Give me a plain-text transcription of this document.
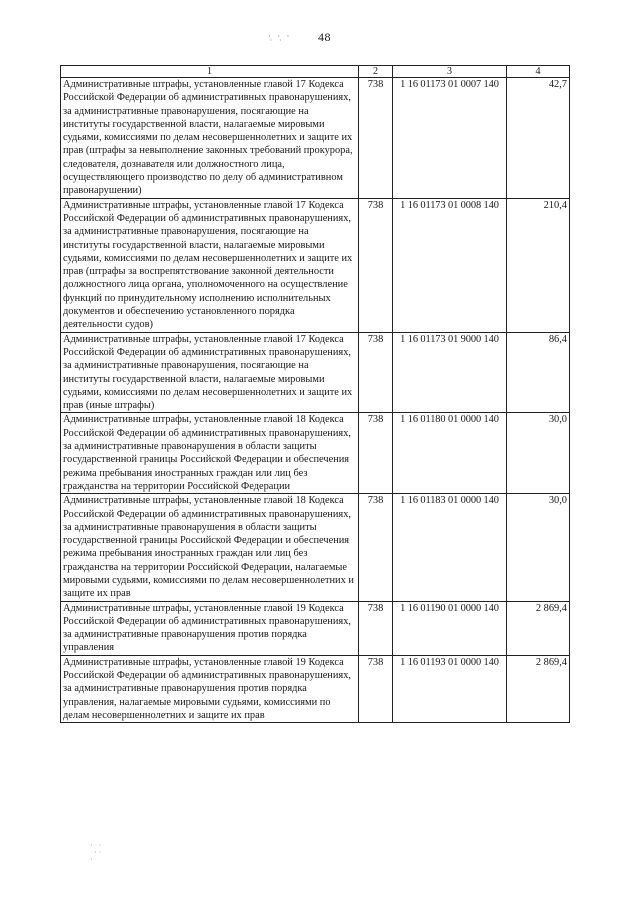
·̣ ·̣ · 48
1	2	3	4
Административные штрафы, установленные главой 17 Кодекса Российской Федерации об административных правонарушениях, за административные правонарушения, посягающие на институты государственной власти, налагаемые мировыми судьями, комиссиями по делам несовершеннолетних и защите их прав (штрафы за невыполнение законных требований прокурора, следователя, дознавателя или должностного лица, осуществляющего производство по делу об административном правонарушении)	738	1 16 01173 01 0007 140	42,7
Административные штрафы, установленные главой 17 Кодекса Российской Федерации об административных правонарушениях, за административные правонарушения, посягающие на институты государственной власти, налагаемые мировыми судьями, комиссиями по делам несовершеннолетних и защите их прав (штрафы за воспрепятствование законной деятельности должностного лица органа, уполномоченного на осуществление функций по принудительному исполнению исполнительных документов и обеспечению установленного порядка деятельности судов)	738	1 16 01173 01 0008 140	210,4
Административные штрафы, установленные главой 17 Кодекса Российской Федерации об административных правонарушениях, за административные правонарушения, посягающие на институты государственной власти, налагаемые мировыми судьями, комиссиями по делам несовершеннолетних и защите их прав (иные штрафы)	738	1 16 01173 01 9000 140	86,4
Административные штрафы, установленные главой 18 Кодекса Российской Федерации об административных правонарушениях, за административные правонарушения в области защиты государственной границы Российской Федерации и обеспечения режима пребывания иностранных граждан или лиц без гражданства на территории Российской Федерации	738	1 16 01180 01 0000 140	30,0
Административные штрафы, установленные главой 18 Кодекса Российской Федерации об административных правонарушениях, за административные правонарушения в области защиты государственной границы Российской Федерации и обеспечения режима пребывания иностранных граждан или лиц без гражданства на территории Российской Федерации, налагаемые мировыми судьями, комиссиями по делам несовершеннолетних и защите их прав	738	1 16 01183 01 0000 140	30,0
Административные штрафы, установленные главой 19 Кодекса Российской Федерации об административных правонарушениях, за административные правонарушения против порядка управления	738	1 16 01190 01 0000 140	2 869,4
Административные штрафы, установленные главой 19 Кодекса Российской Федерации об административных правонарушениях, за административные правонарушения против порядка управления, налагаемые мировыми судьями, комиссиями по делам несовершеннолетних и защите их прав	738	1 16 01193 01 0000 140	2 869,4
·   ·
· ·
·
